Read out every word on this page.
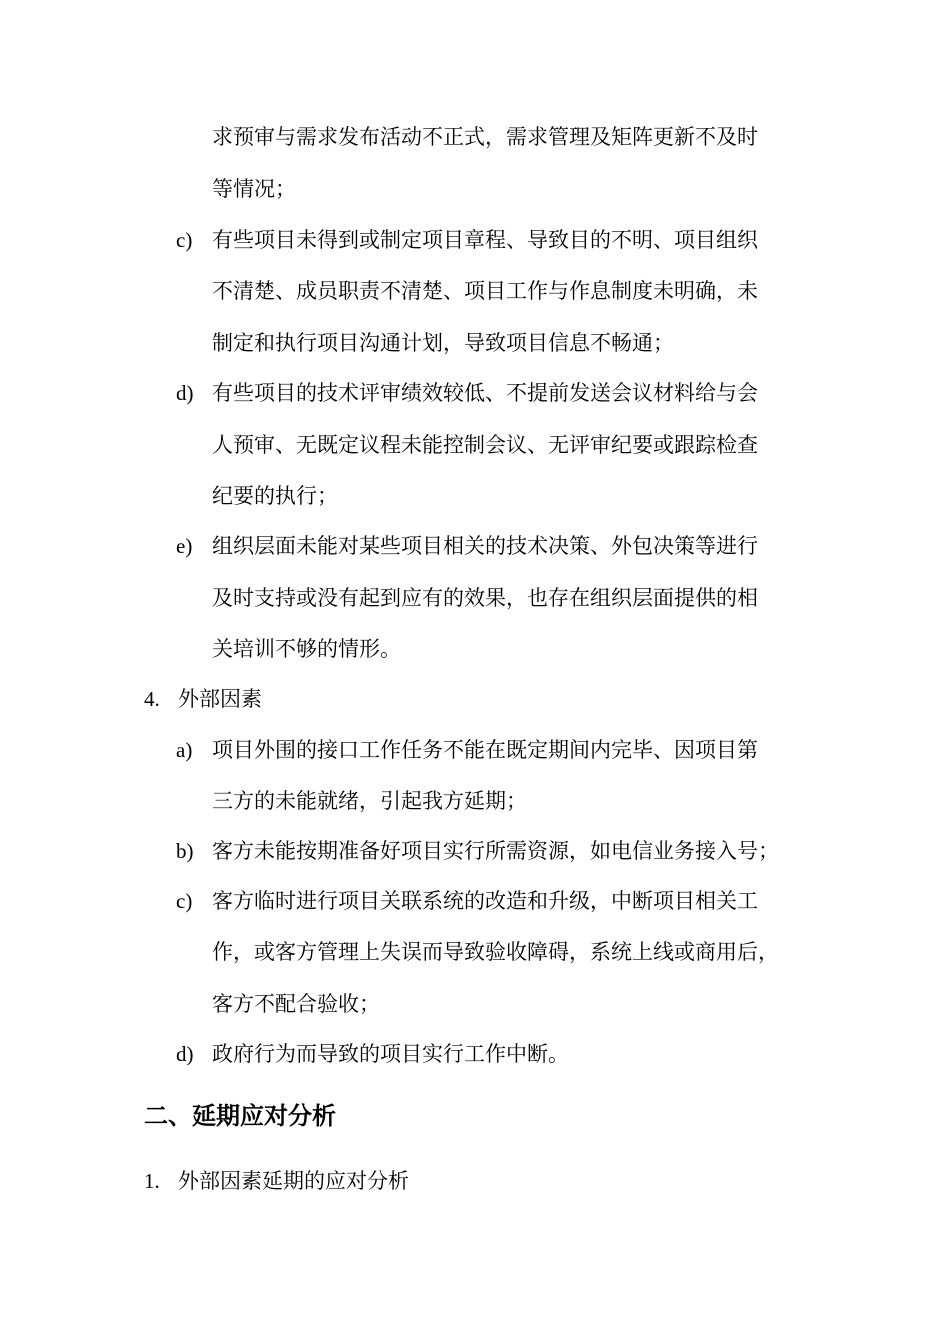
求预审与需求发布活动不正式，需求管理及矩阵更新不及时
等情况；
c) 有些项目未得到或制定项目章程、导致目的不明、项目组织
不清楚、成员职责不清楚、项目工作与作息制度未明确，未
制定和执行项目沟通计划，导致项目信息不畅通；
d) 有些项目的技术评审绩效较低、不提前发送会议材料给与会
人预审、无既定议程未能控制会议、无评审纪要或跟踪检查
纪要的执行；
e) 组织层面未能对某些项目相关的技术决策、外包决策等进行
及时支持或没有起到应有的效果，也存在组织层面提供的相
关培训不够的情形。
4. 外部因素
a) 项目外围的接口工作任务不能在既定期间内完毕、因项目第
三方的未能就绪，引起我方延期；
b) 客方未能按期准备好项目实行所需资源，如电信业务接入号；
c) 客方临时进行项目关联系统的改造和升级，中断项目相关工
作，或客方管理上失误而导致验收障碍，系统上线或商用后，
客方不配合验收；
d) 政府行为而导致的项目实行工作中断。
二、延期应对分析
1. 外部因素延期的应对分析
